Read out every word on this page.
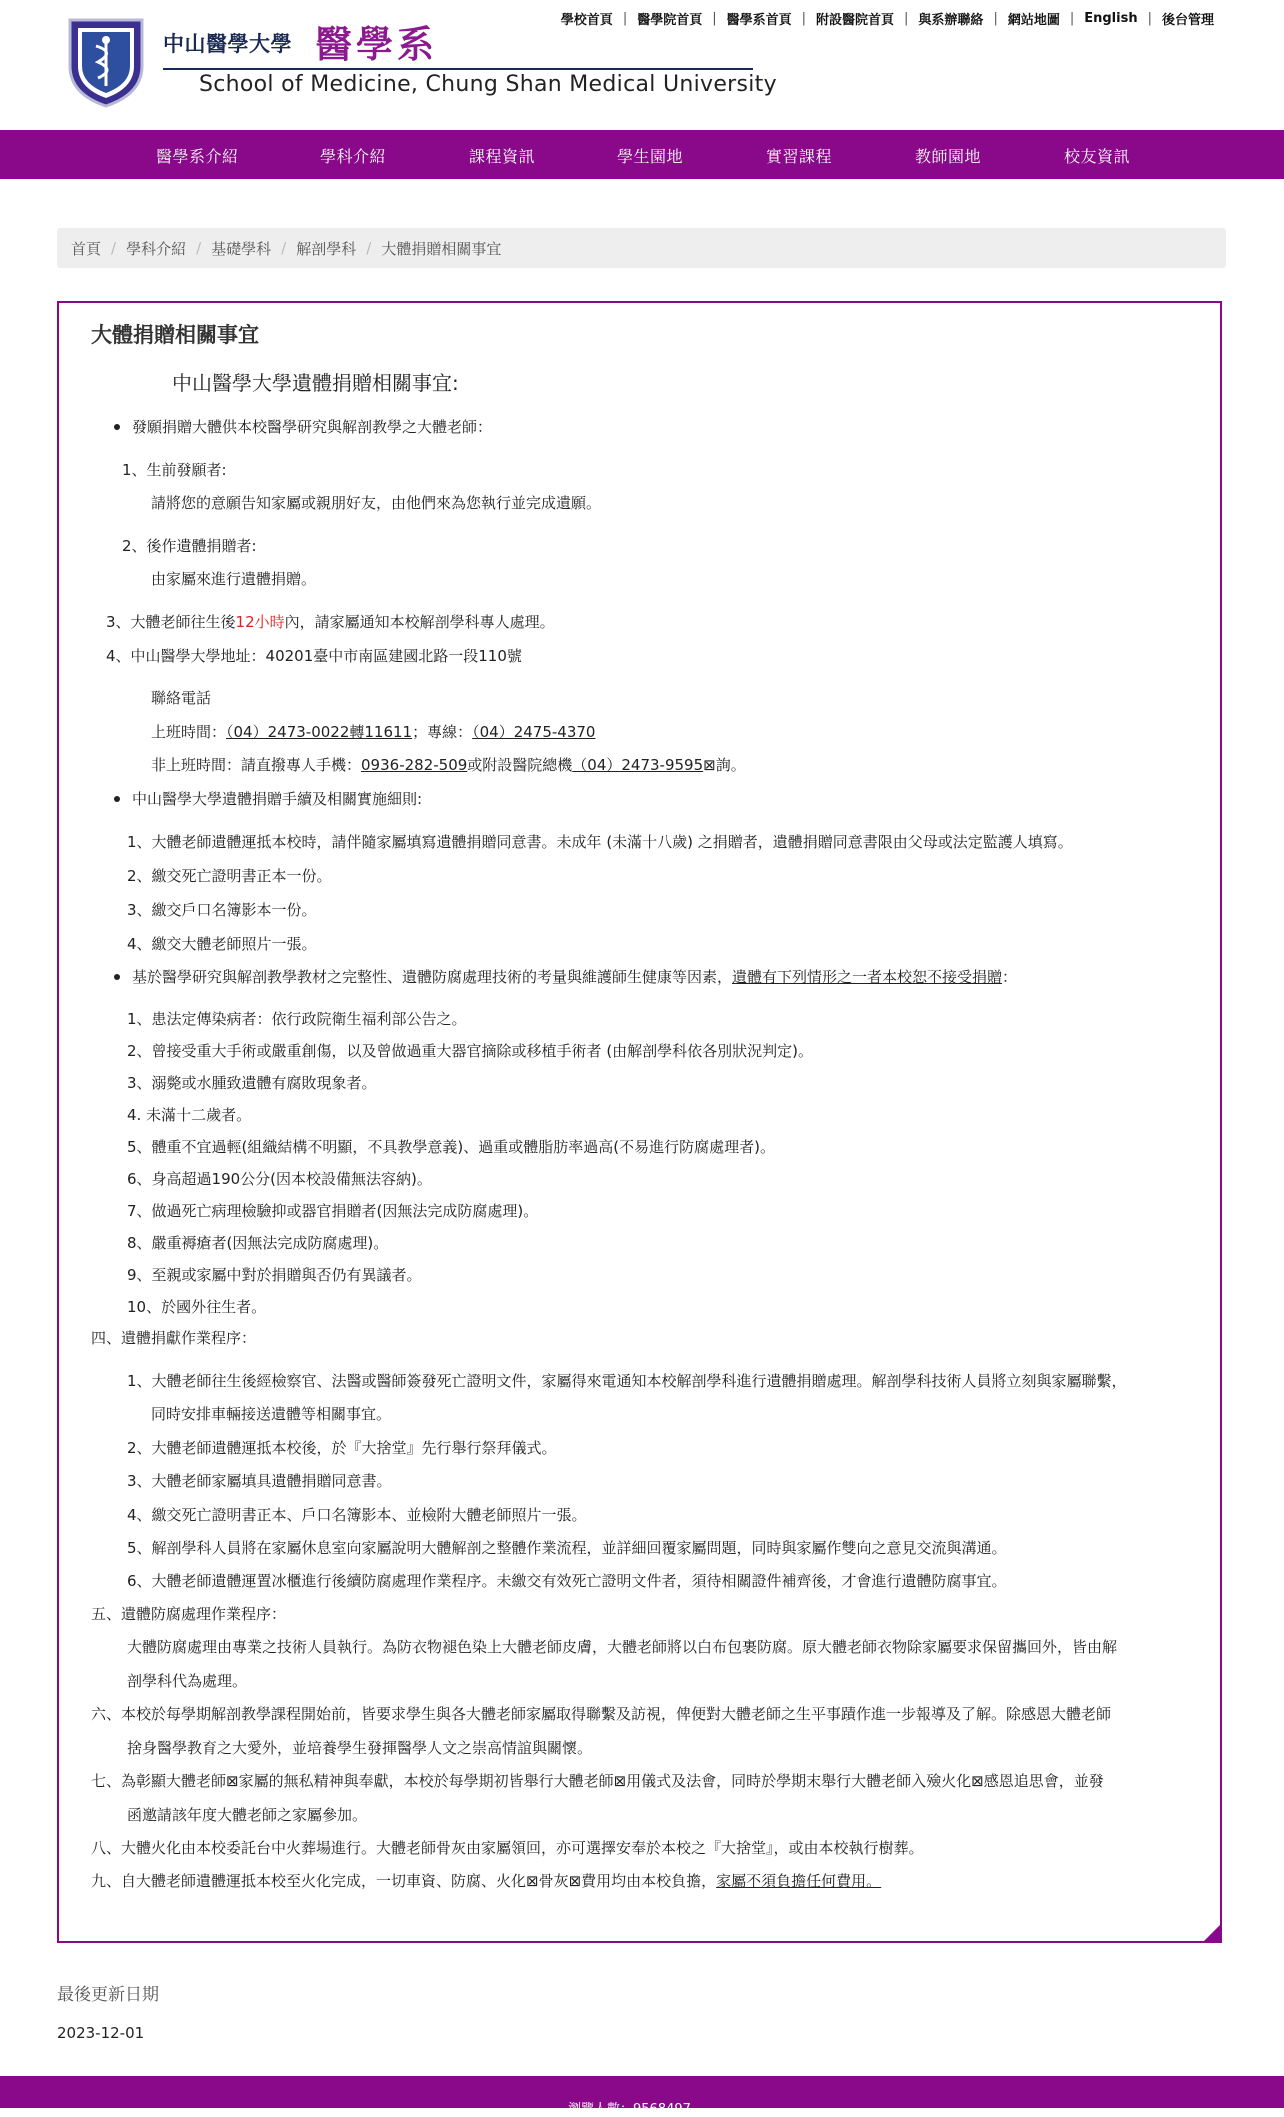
中山醫學大學 醫學系
School of Medicine, Chung Shan Medical University
學校首頁 | 醫學院首頁 | 醫學系首頁 | 附設醫院首頁 | 與系辦聯絡 | 網站地圖 | English | 後台管理
醫學系介紹	學科介紹	課程資訊	學生園地	實習課程	教師園地	校友資訊
首頁 / 學科介紹 / 基礎學科 / 解剖學科 / 大體捐贈相關事宜
大體捐贈相關事宜
中山醫學大學遺體捐贈相關事宜:
發願捐贈大體供本校醫學研究與解剖教學之大體老師：
1、生前發願者:
請將您的意願告知家屬或親朋好友，由他們來為您執行並完成遺願。
2、後作遺體捐贈者:
由家屬來進行遺體捐贈。
3、大體老師往生後12小時內，請家屬通知本校解剖學科專人處理。
4、中山醫學大學地址：40201臺中市南區建國北路一段110號
聯絡電話
上班時間：（04）2473-0022轉11611；專線：（04）2475-4370
非上班時間：請直撥專人手機：0936-282-509或附設醫院總機（04）2473-9595⊠詢。
中山醫學大學遺體捐贈手續及相關實施細則:
1、大體老師遺體運抵本校時，請伴隨家屬填寫遺體捐贈同意書。未成年 (未滿十八歲) 之捐贈者，遺體捐贈同意書限由父母或法定監護人填寫。
2、繳交死亡證明書正本一份。
3、繳交戶口名簿影本一份。
4、繳交大體老師照片一張。
基於醫學研究與解剖教學教材之完整性、遺體防腐處理技術的考量與維護師生健康等因素，遺體有下列情形之一者本校恕不接受捐贈：
1、患法定傳染病者：依行政院衛生福利部公告之。
2、曾接受重大手術或嚴重創傷，以及曾做過重大器官摘除或移植手術者 (由解剖學科依各別狀況判定)。
3、溺斃或水腫致遺體有腐敗現象者。
4. 未滿十二歲者。
5、體重不宜過輕(組織結構不明顯，不具教學意義)、過重或體脂肪率過高(不易進行防腐處理者)。
6、身高超過190公分(因本校設備無法容納)。
7、做過死亡病理檢驗抑或器官捐贈者(因無法完成防腐處理)。
8、嚴重褥瘡者(因無法完成防腐處理)。
9、至親或家屬中對於捐贈與否仍有異議者。
10、於國外往生者。
四、遺體捐獻作業程序：
1、大體老師往生後經檢察官、法醫或醫師簽發死亡證明文件，家屬得來電通知本校解剖學科進行遺體捐贈處理。解剖學科技術人員將立刻與家屬聯繫，
同時安排車輛接送遺體等相關事宜。
2、大體老師遺體運抵本校後，於『大捨堂』先行舉行祭拜儀式。
3、大體老師家屬填具遺體捐贈同意書。
4、繳交死亡證明書正本、戶口名簿影本、並檢附大體老師照片一張。
5、解剖學科人員將在家屬休息室向家屬說明大體解剖之整體作業流程，並詳細回覆家屬問題，同時與家屬作雙向之意見交流與溝通。
6、大體老師遺體運置冰櫃進行後續防腐處理作業程序。未繳交有效死亡證明文件者，須待相關證件補齊後，才會進行遺體防腐事宜。
五、遺體防腐處理作業程序：
大體防腐處理由專業之技術人員執行。為防衣物褪色染上大體老師皮膚，大體老師將以白布包裹防腐。原大體老師衣物除家屬要求保留攜回外，皆由解
剖學科代為處理。
六、本校於每學期解剖教學課程開始前，皆要求學生與各大體老師家屬取得聯繫及訪視，俾便對大體老師之生平事蹟作進一步報導及了解。除感恩大體老師
捨身醫學教育之大愛外，並培養學生發揮醫學人文之崇高情誼與關懷。
七、為彰顯大體老師⊠家屬的無私精神與奉獻，本校於每學期初皆舉行大體老師⊠用儀式及法會，同時於學期末舉行大體老師入殮火化⊠感恩追思會，並發
函邀請該年度大體老師之家屬參加。
八、大體火化由本校委託台中火葬場進行。大體老師骨灰由家屬領回，亦可選擇安奉於本校之『大捨堂』，或由本校執行樹葬。
九、自大體老師遺體運抵本校至火化完成，一切車資、防腐、火化⊠骨灰⊠費用均由本校負擔，家屬不須負擔任何費用。
最後更新日期
2023-12-01
瀏覽人數：9568497
